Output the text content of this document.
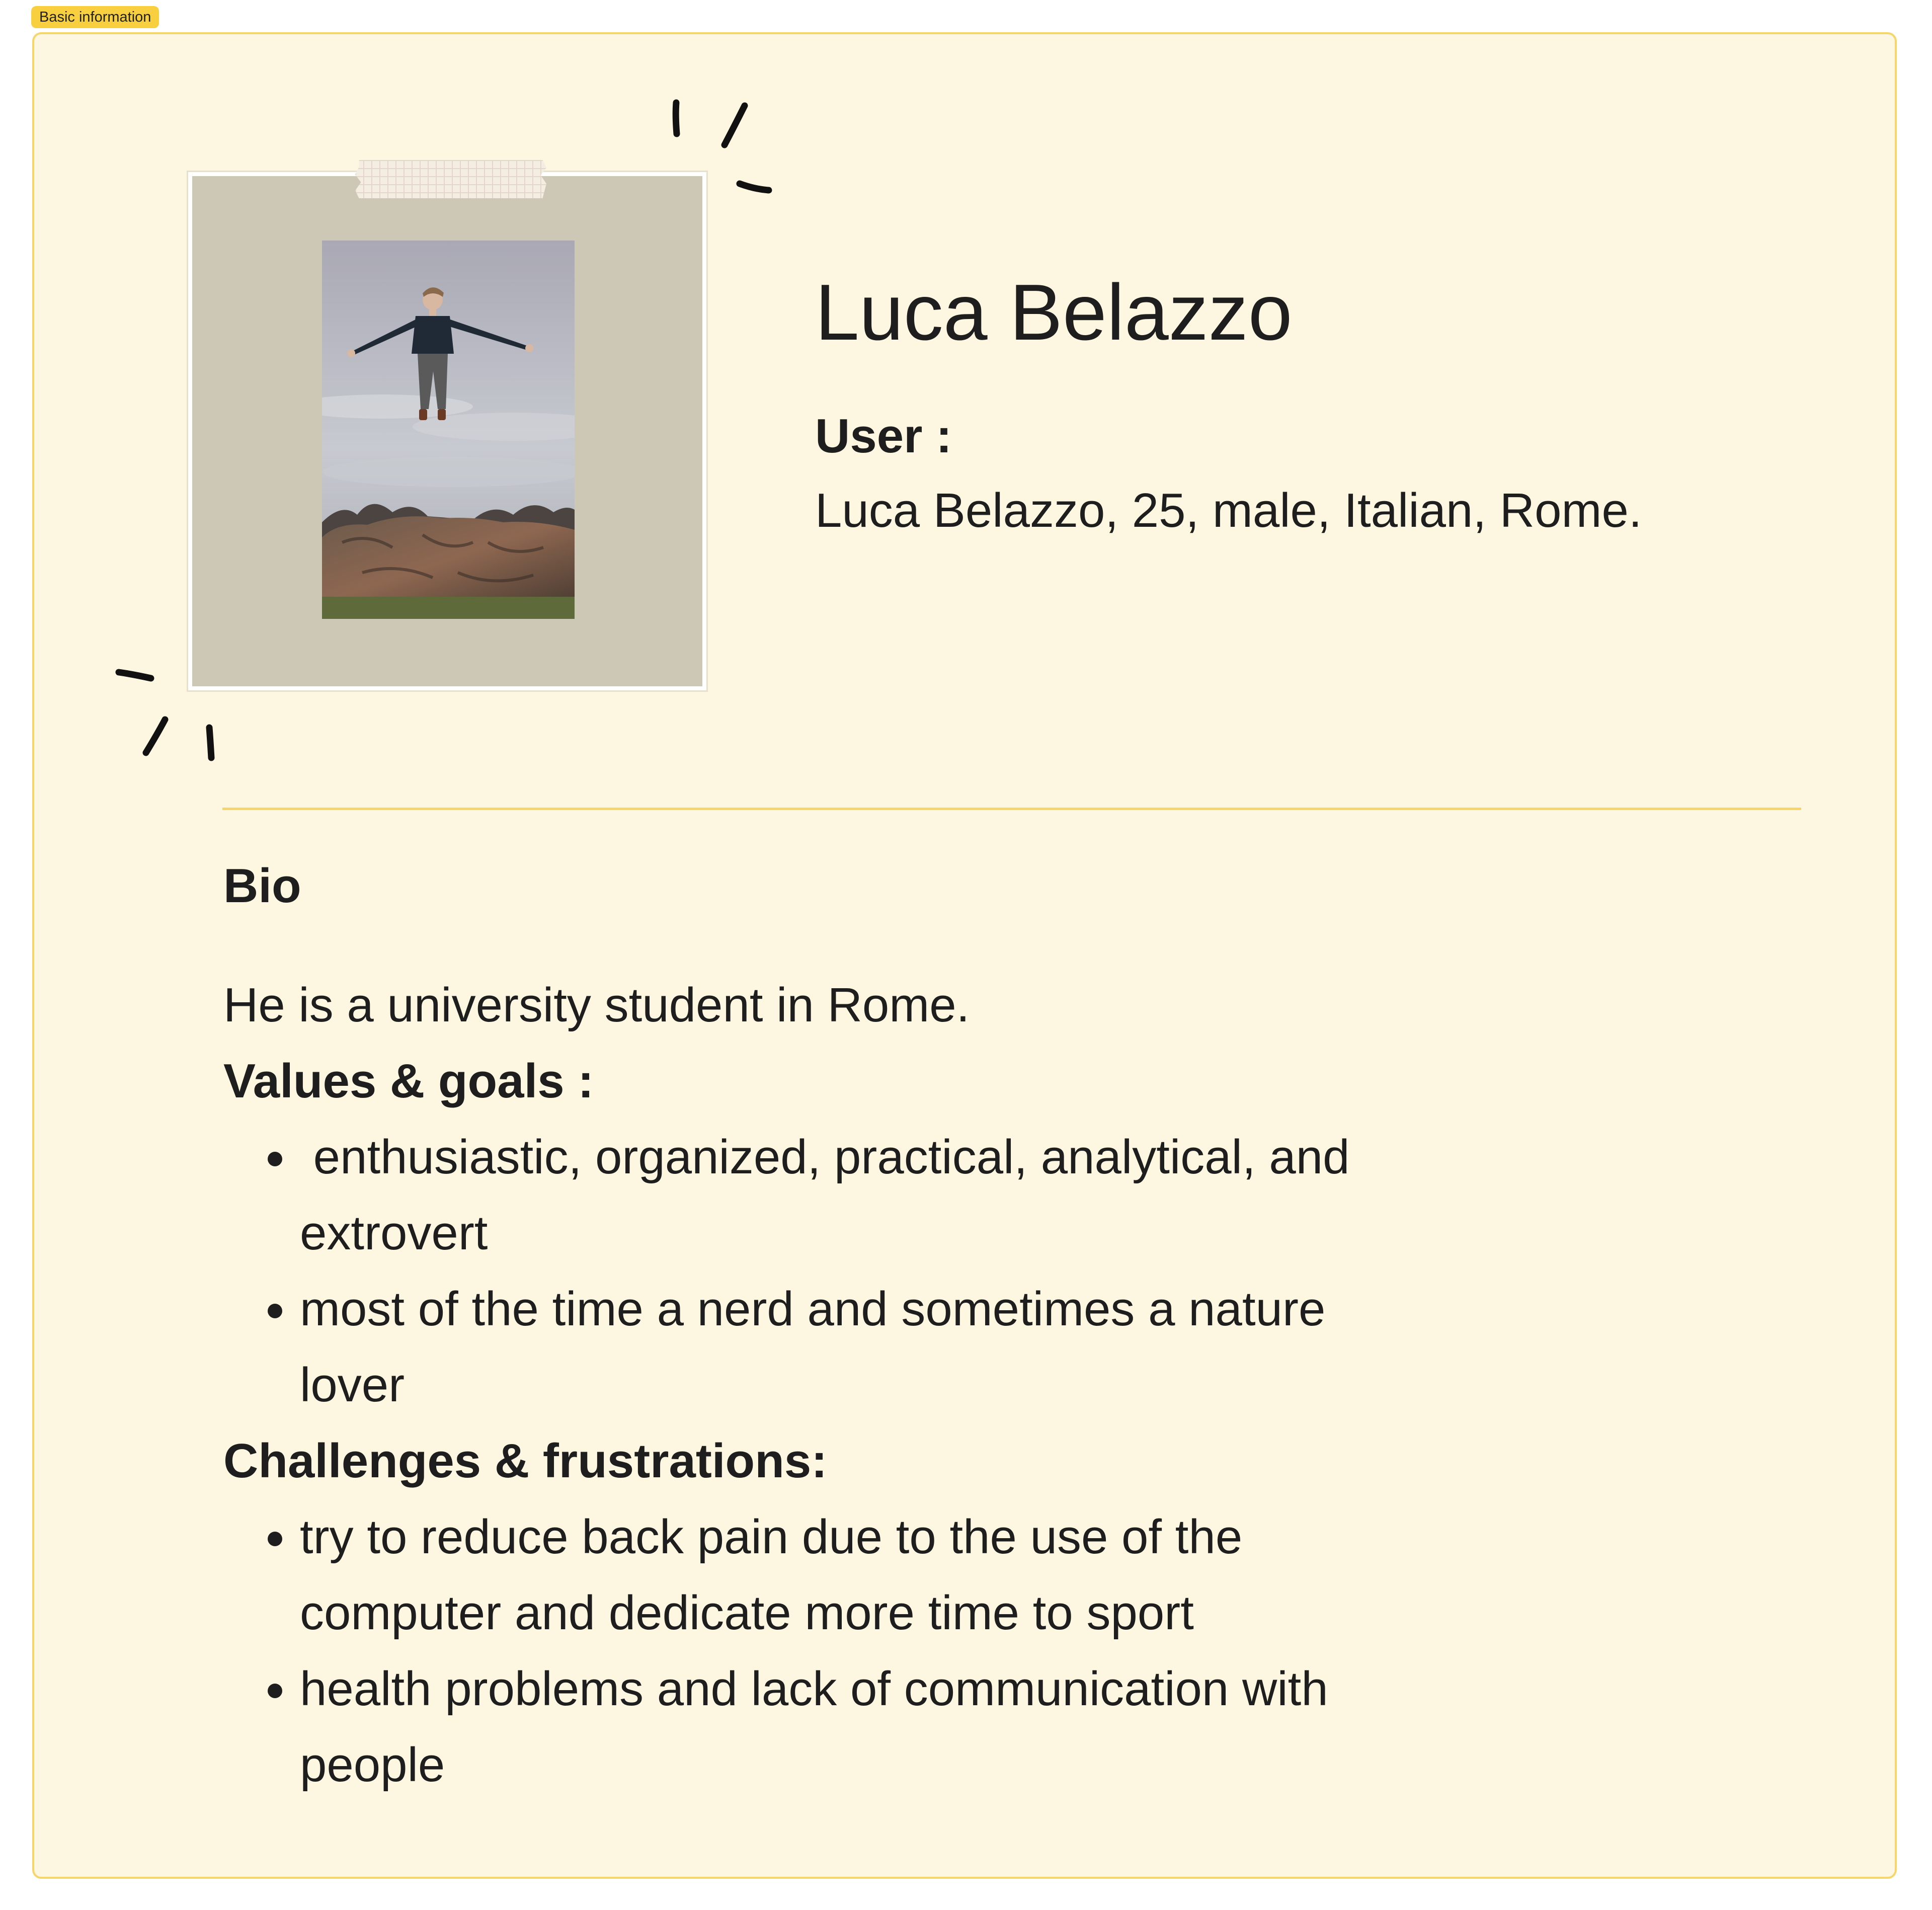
Basic information
Luca Belazzo
User :
Luca Belazzo, 25, male, Italian, Rome.
Bio

He is a university student in Rome.

Values & goals :

•  enthusiastic, organized, practical, analytical, and extrovert
• most of the time a nerd and sometimes a nature lover

Challenges & frustrations:

• try to reduce back pain due to the use of the computer and dedicate more time to sport
• health problems and lack of communication with people
